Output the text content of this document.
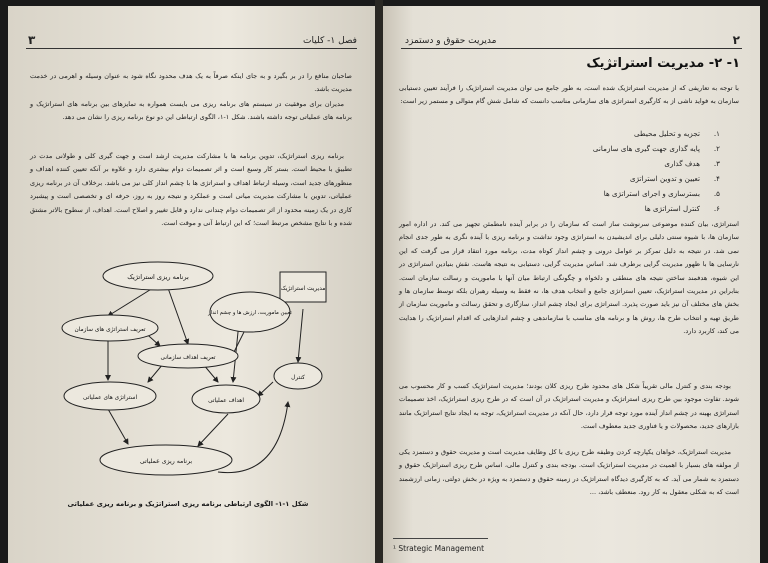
۳	فصل ۱- کلیات
صاحبان منافع را در بر بگیرد و به جای اینکه صرفاً به یک هدف محدود نگاه شود به عنوان وسیله و اهرمی در خدمت مدیریت باشد.
مدیران برای موفقیت در سیستم های برنامه ریزی می بایست همواره به تمایزهای بین برنامه های استراتژیک و برنامه های عملیاتی توجه داشته باشند. شکل ۱-۱، الگوی ارتباطی این دو نوع برنامه ریزی را نشان می دهد.
برنامه ریزی استراتژیک، تدوین برنامه ها با مشارکت مدیریت ارشد است و جهت گیری کلی و طولانی مدت در تطبیق با محیط است. بستر کار وسیع است و اثر تصمیمات دوام بیشتری دارد و علاوه بر آنکه تعیین کننده اهداف و منظورهای جدید است، وسیله ارتباط اهداف و استراتژی ها با چشم انداز کلی نیز می باشد. برخلاف آن در برنامه ریزی عملیاتی، تدوین با مشارکت مدیریت میانی است و عملکرد و نتیجه روز به روز، حرفه ای و تخصصی است و پیشبرد کاری در یک زمینه محدود از اثر تصمیمات دوام چندانی ندارد و قابل تغییر و اصلاح است. اهداف، از سطوح بالاتر مشتق شده و با نتایج مشخص مرتبط است؛ که این ارتباط آنی و موقت است.
برنامه ریزی استراتژیک
مدیریت استراتژیک
تعریف استراتژی های سازمان
تعیین ماموریت، ارزش ها و چشم انداز
تعریف اهداف سازمانی
استراتژی های عملیاتی	اهداف عملیاتی
کنترل
برنامه ریزی عملیاتی
شکل ۱-۱- الگوی ارتباطی برنامه ریزی استراتژیک و برنامه ریزی عملیاتی
۲
مدیریت حقوق و دستمزد
۱- ۲- مدیریت استراتژیک
با توجه به تعاریفی که از مدیریت استراتژیک شده است، به طور جامع می توان مدیریت استراتژیک را فرآیند تعیین دستیابی سازمان به فواید ناشی از به کارگیری استراتژی های سازمانی مناسب دانست که شامل شش گام متوالی و مستمر زیر است:
۱.تجزیه و تحلیل محیطی
۲.پایه گذاری جهت گیری های سازمانی
۳.هدف گذاری
۴.تعیین و تدوین استراتژی
۵.بسترسازی و اجرای استراتژی ها
۶.کنترل استراتژی ها
استراتژی، بیان کننده موضوعی سرنوشت ساز است که سازمان را در برابر آینده نامطمئن تجهیز می کند. در اداره امور سازمان ها، با شیوه سنتی دلیلی برای اندیشیدن به استراتژی وجود نداشت و برنامه ریزی با آینده نگری به طور جدی انجام نمی شد. در نتیجه به دلیل تمرکز بر عوامل درونی و چشم انداز کوتاه مدت، برنامه مورد انتقاد قرار می گرفت که این نارسایی ها با ظهور مدیریت گرایی برطرف شد. اساس مدیریت گرایی، دستیابی به نتیجه هاست. نقش بنیادین استراتژی در این شیوه، هدفمند ساختن نتیجه های منطقی و دلخواه و چگونگی ارتباط میان آنها با ماموریت و رسالت سازمان است. بنابراین در مدیریت استراتژیک، تعیین استراتژی جامع و انتخاب هدف ها، نه فقط به وسیله رهبران بلکه توسط سازمان ها و بخش های مختلف آن نیز باید صورت پذیرد. استراتژی برای ایجاد چشم انداز، سازگاری و تحقق رسالت و ماموریت سازمان از طریق تهیه و انتخاب طرح ها، روش ها و برنامه های مناسب با سازماندهی و چشم اندازهایی که اقدام استراتژیک را هدایت می کند، کاربرد دارد.
بودجه بندی و کنترل مالی تقریباً شکل های محدود طرح ریزی کلان بودند؛ مدیریت استراتژیک کسب و کار محسوب می شوند. تفاوت موجود بین طرح ریزی استراتژیک و مدیریت استراتژیک در آن است که در طرح ریزی استراتژیک، اخذ تصمیمات استراتژی بهینه در چشم انداز آینده مورد توجه قرار دارد، حال آنکه در مدیریت استراتژیک، توجه به ایجاد نتایج استراتژیک مانند بازارهای جدید، محصولات و یا فناوری جدید معطوف است.
مدیریت استراتژیک، خواهان یکپارچه کردن وظیفه طرح ریزی با کل وظایف مدیریت است و مدیریت حقوق و دستمزد یکی از مولفه های بسیار با اهمیت در مدیریت استراتژیک است. بودجه بندی و کنترل مالی، اساس طرح ریزی استراتژیک حقوق و دستمزد به شمار می آید. که به کارگیری دیدگاه استراتژیک در زمینه حقوق و دستمزد به ویژه در بخش دولتی، زمانی ارزشمند است که به شکلی معقول به کار رود. منعطف باشد، ...
¹ Strategic Management
